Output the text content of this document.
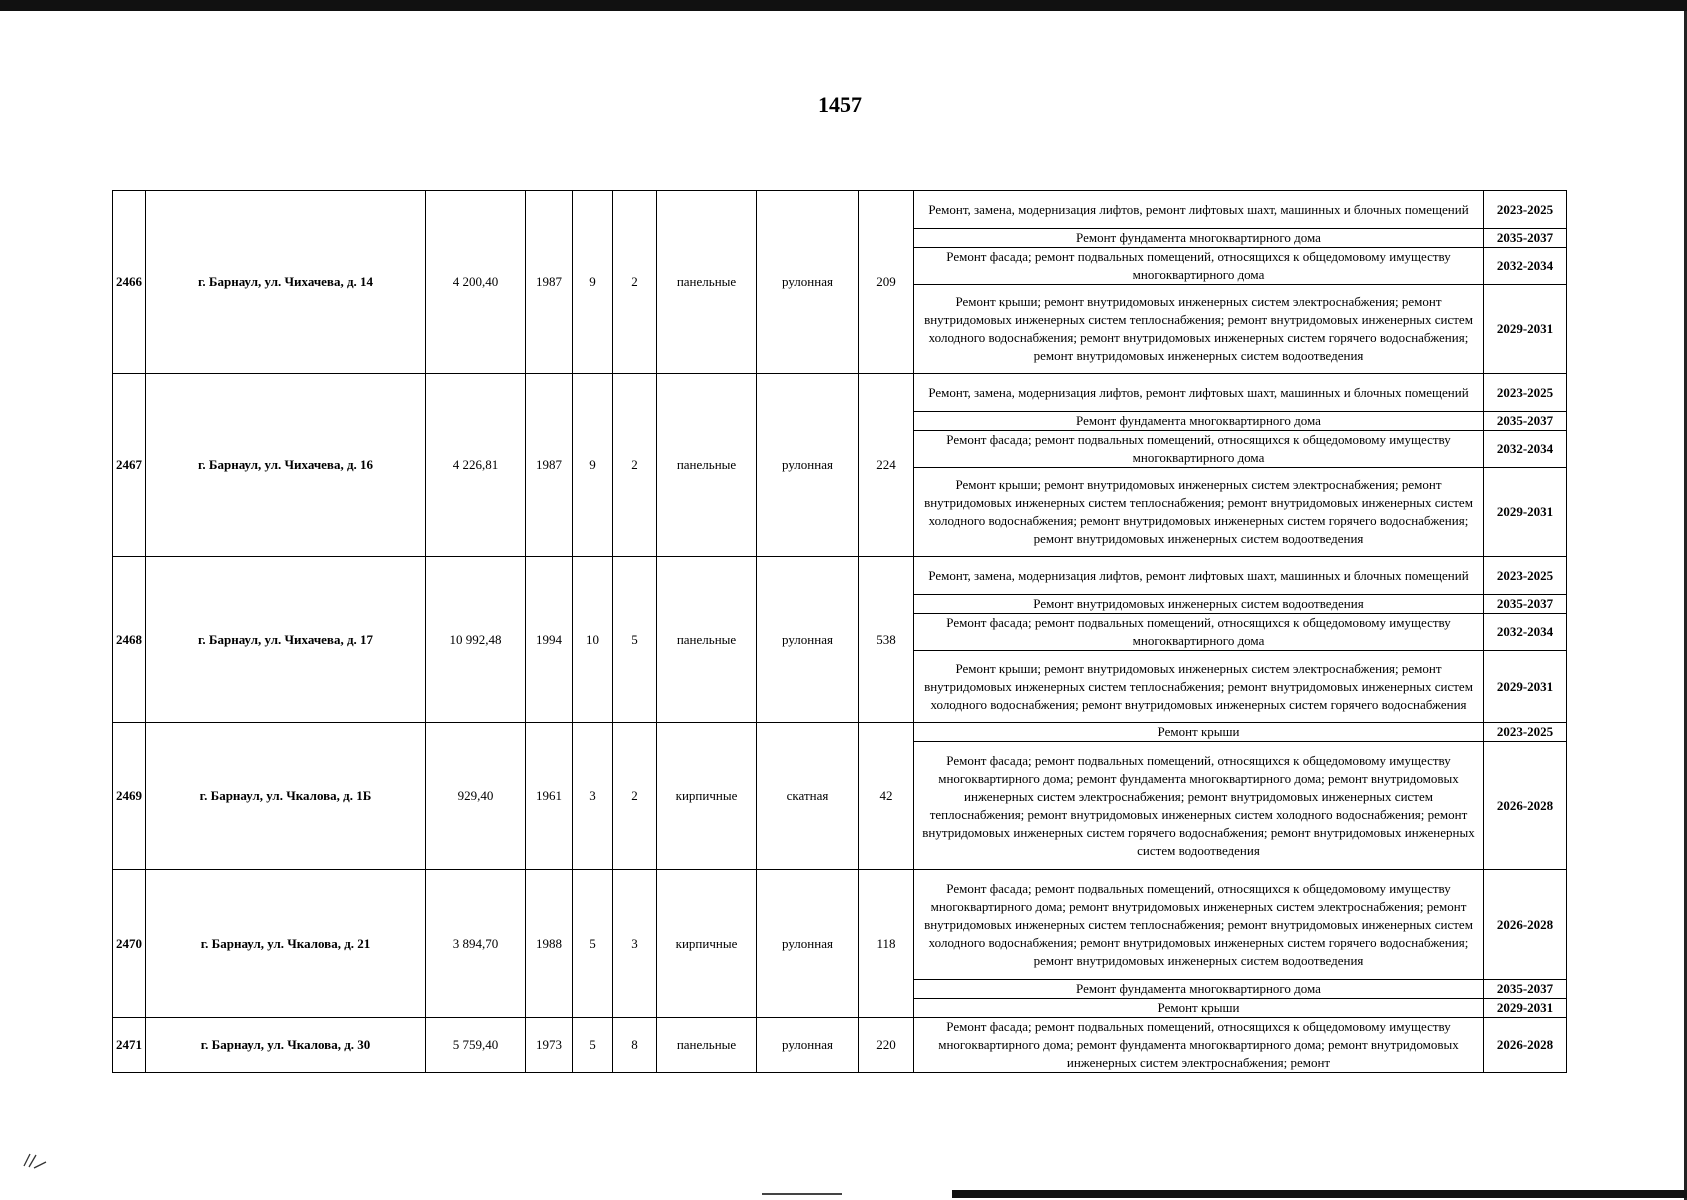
1457
2466	г. Барнаул, ул. Чихачева, д. 14	4 200,40	1987	9	2	панельные	рулонная	209	Ремонт, замена, модернизация лифтов, ремонт лифтовых шахт, машинных и блочных помещений	2023-2025
									Ремонт фундамента многоквартирного дома	2035-2037
									Ремонт фасада; ремонт подвальных помещений, относящихся к общедомовому имуществу многоквартирного дома	2032-2034
									Ремонт крыши; ремонт внутридомовых инженерных систем электроснабжения; ремонт внутридомовых инженерных систем теплоснабжения; ремонт внутридомовых инженерных систем холодного водоснабжения; ремонт внутридомовых инженерных систем горячего водоснабжения; ремонт внутридомовых инженерных систем водоотведения	2029-2031
2467	г. Барнаул, ул. Чихачева, д. 16	4 226,81	1987	9	2	панельные	рулонная	224	Ремонт, замена, модернизация лифтов, ремонт лифтовых шахт, машинных и блочных помещений	2023-2025
									Ремонт фундамента многоквартирного дома	2035-2037
									Ремонт фасада; ремонт подвальных помещений, относящихся к общедомовому имуществу многоквартирного дома	2032-2034
									Ремонт крыши; ремонт внутридомовых инженерных систем электроснабжения; ремонт внутридомовых инженерных систем теплоснабжения; ремонт внутридомовых инженерных систем холодного водоснабжения; ремонт внутридомовых инженерных систем горячего водоснабжения; ремонт внутридомовых инженерных систем водоотведения	2029-2031
2468	г. Барнаул, ул. Чихачева, д. 17	10 992,48	1994	10	5	панельные	рулонная	538	Ремонт, замена, модернизация лифтов, ремонт лифтовых шахт, машинных и блочных помещений	2023-2025
									Ремонт внутридомовых инженерных систем водоотведения	2035-2037
									Ремонт фасада; ремонт подвальных помещений, относящихся к общедомовому имуществу многоквартирного дома	2032-2034
									Ремонт крыши; ремонт внутридомовых инженерных систем электроснабжения; ремонт внутридомовых инженерных систем теплоснабжения; ремонт внутридомовых инженерных систем холодного водоснабжения; ремонт внутридомовых инженерных систем горячего водоснабжения	2029-2031
2469	г. Барнаул, ул. Чкалова, д. 1Б	929,40	1961	3	2	кирпичные	скатная	42	Ремонт крыши	2023-2025
									Ремонт фасада; ремонт подвальных помещений, относящихся к общедомовому имуществу многоквартирного дома; ремонт фундамента многоквартирного дома; ремонт внутридомовых инженерных систем электроснабжения; ремонт внутридомовых инженерных систем теплоснабжения; ремонт внутридомовых инженерных систем холодного водоснабжения; ремонт внутридомовых инженерных систем горячего водоснабжения; ремонт внутридомовых инженерных систем водоотведения	2026-2028
2470	г. Барнаул, ул. Чкалова, д. 21	3 894,70	1988	5	3	кирпичные	рулонная	118	Ремонт фасада; ремонт подвальных помещений, относящихся к общедомовому имуществу многоквартирного дома; ремонт внутридомовых инженерных систем электроснабжения; ремонт внутридомовых инженерных систем теплоснабжения; ремонт внутридомовых инженерных систем холодного водоснабжения; ремонт внутридомовых инженерных систем горячего водоснабжения; ремонт внутридомовых инженерных систем водоотведения	2026-2028
									Ремонт фундамента многоквартирного дома	2035-2037
									Ремонт крыши	2029-2031
2471	г. Барнаул, ул. Чкалова, д. 30	5 759,40	1973	5	8	панельные	рулонная	220	Ремонт фасада; ремонт подвальных помещений, относящихся к общедомовому имуществу многоквартирного дома; ремонт фундамента многоквартирного дома; ремонт внутридомовых инженерных систем электроснабжения; ремонт	2026-2028
